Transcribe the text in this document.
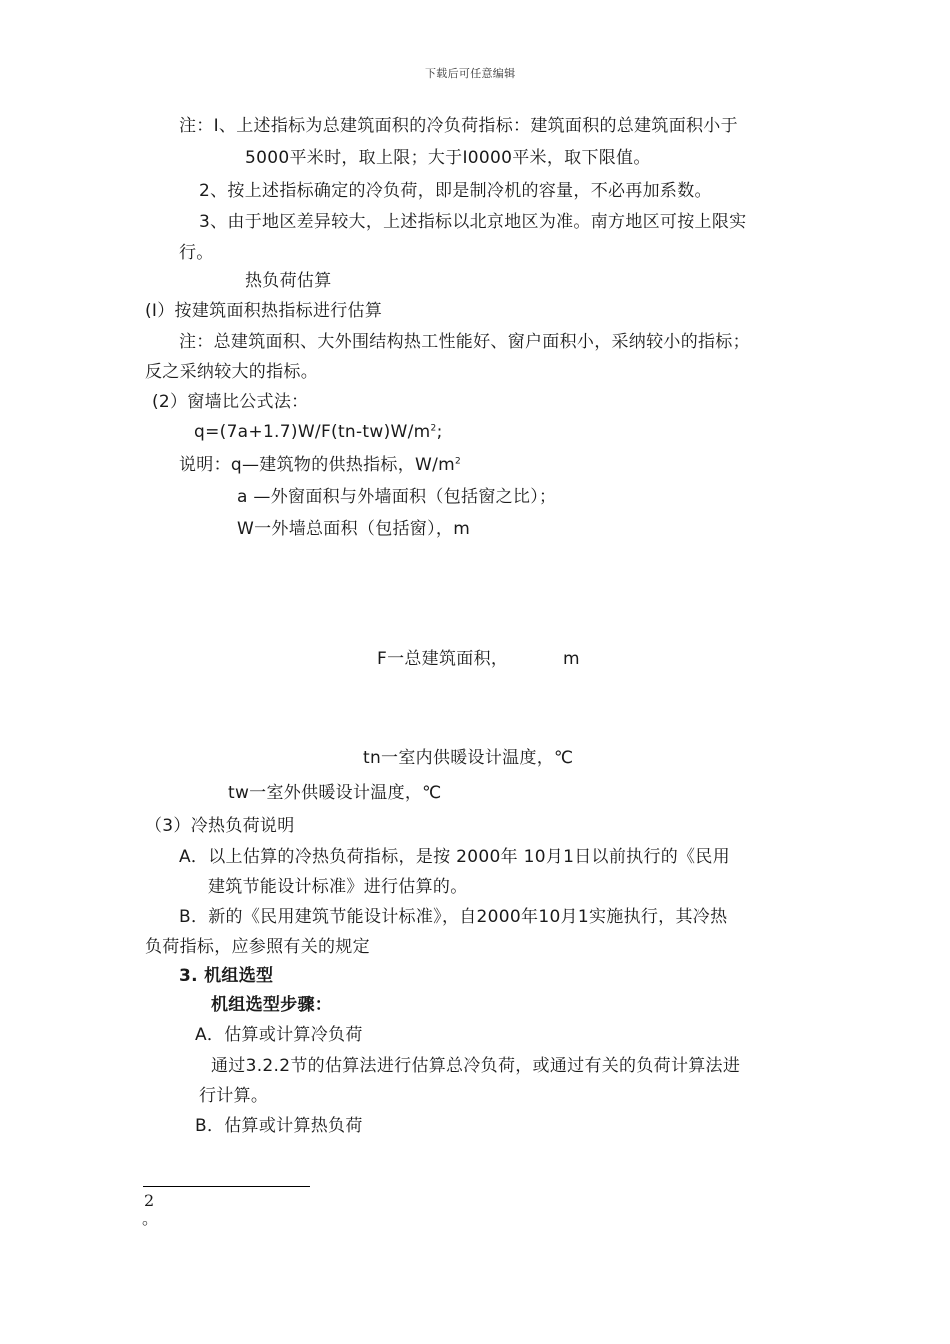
下载后可任意编辑
注：I、上述指标为总建筑面积的冷负荷指标：建筑面积的总建筑面积小于
5000平米时，取上限；大于I0000平米，取下限值。
2、按上述指标确定的冷负荷，即是制冷机的容量，不必再加系数。
3、由于地区差异较大，上述指标以北京地区为准。南方地区可按上限实
行。
热负荷估算
(I）按建筑面积热指标进行估算
注：总建筑面积、大外围结构热工性能好、窗户面积小，采纳较小的指标；
反之采纳较大的指标。
(2）窗墙比公式法：
$q=(7a+1.7)W/F(tn-tw)W/m^2$;
说明：q—建筑物的供热指标，$W/m^2$
a —外窗面积与外墙面积（包括窗之比）；
W一外墙总面积（包括窗），m
F一总建筑面积，	m
tn一室内供暖设计温度，℃
tw一室外供暖设计温度，℃
（3）冷热负荷说明
A．以上估算的冷热负荷指标，是按 2000年 10月1日以前执行的《民用
建筑节能设计标准》进行估算的。
B．新的《民用建筑节能设计标准》，自2000年10月1实施执行，其冷热
负荷指标，应参照有关的规定
3. 机组选型
机组选型步骤：
A．估算或计算冷负荷
通过3.2.2节的估算法进行估算总冷负荷，或通过有关的负荷计算法进
行计算。
B．估算或计算热负荷
2
。
